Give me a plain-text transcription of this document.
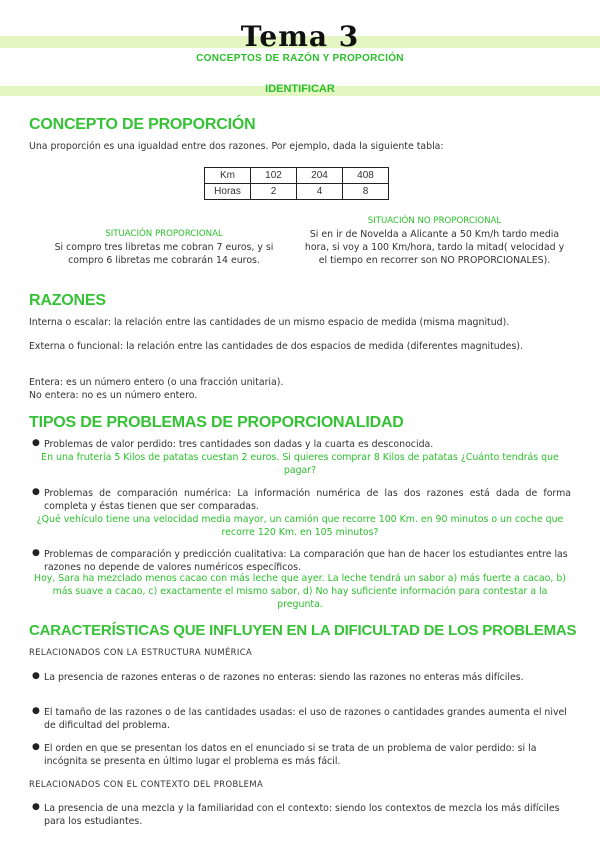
Tema 3
CONCEPTOS DE RAZÓN Y PROPORCIÓN
IDENTIFICAR
CONCEPTO DE PROPORCIÓN
Una proporción es una igualdad entre dos razones. Por ejemplo, dada la siguiente tabla:
Km	102	204	408
Horas	2	4	8
SITUACIÓN PROPORCIONAL
Si compro tres libretas me cobran 7 euros, y si compro 6 libretas me cobrarán 14 euros.
SITUACIÓN NO PROPORCIONAL
Si en ir de Novelda a Alicante a 50 Km/h tardo media hora, si voy a 100 Km/hora, tardo la mitad( velocidad y el tiempo en recorrer son NO PROPORCIONALES).
RAZONES
Interna o escalar: la relación entre las cantidades de un mismo espacio de medida (misma magnitud).
Externa o funcional: la relación entre las cantidades de dos espacios de medida (diferentes magnitudes).
Entera: es un número entero (o una fracción unitaria).
No entera: no es un número entero.
TIPOS DE PROBLEMAS DE PROPORCIONALIDAD
● Problemas de valor perdido: tres cantidades son dadas y la cuarta es desconocida.
En una frutería 5 Kilos de patatas cuestan 2 euros. Si quieres comprar 8 Kilos de patatas ¿Cuánto tendrás que pagar?
● Problemas de comparación numérica: La información numérica de las dos razones está dada de forma completa y éstas tienen que ser comparadas.
¿Qué vehículo tiene una velocidad media mayor, un camión que recorre 100 Km. en 90 minutos o un coche que recorre 120 Km. en 105 minutos?
● Problemas de comparación y predicción cualitativa: La comparación que han de hacer los estudiantes entre las razones no depende de valores numéricos específicos.
Hoy, Sara ha mezclado menos cacao con más leche que ayer. La leche tendrá un sabor a) más fuerte a cacao, b) más suave a cacao, c) exactamente el mismo sabor, d) No hay suficiente información para contestar a la pregunta.
CARACTERÍSTICAS QUE INFLUYEN EN LA DIFICULTAD DE LOS PROBLEMAS
RELACIONADOS CON LA ESTRUCTURA NUMÉRICA
● La presencia de razones enteras o de razones no enteras: siendo las razones no enteras más difíciles.
● El tamaño de las razones o de las cantidades usadas: el uso de razones o cantidades grandes aumenta el nivel de dificultad del problema.
● El orden en que se presentan los datos en el enunciado si se trata de un problema de valor perdido: si la incógnita se presenta en último lugar el problema es más fácil.
RELACIONADOS CON EL CONTEXTO DEL PROBLEMA
● La presencia de una mezcla y la familiaridad con el contexto: siendo los contextos de mezcla los más difíciles para los estudiantes.
